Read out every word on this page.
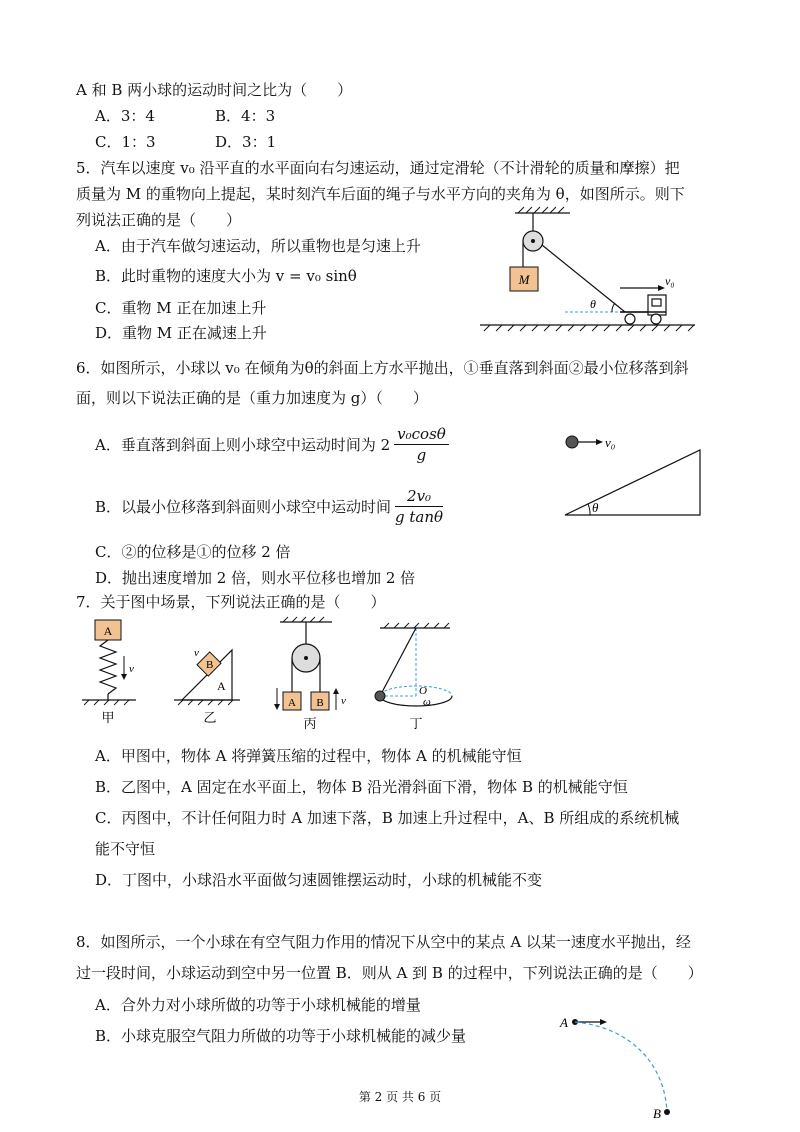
A 和 B 两小球的运动时间之比为（　　）
A．3：4	B．4：3
C．1：3	D．3：1
5．汽车以速度 v₀ 沿平直的水平面向右匀速运动，通过定滑轮（不计滑轮的质量和摩擦）把
质量为 M 的重物向上提起，某时刻汽车后面的绳子与水平方向的夹角为 θ，如图所示。则下
列说法正确的是（　　）
A．由于汽车做匀速运动，所以重物也是匀速上升
B．此时重物的速度大小为 v = v₀ sinθ
C．重物 M 正在加速上升
D．重物 M 正在减速上升
M
θ
v₀
6．如图所示，小球以 v₀ 在倾角为θ的斜面上方水平抛出，①垂直落到斜面②最小位移落到斜
面，则以下说法正确的是（重力加速度为 g）（　　）
A．垂直落到斜面上则小球空中运动时间为 $2 \frac{\text{v₀cosθ}}{g}$
B．以最小位移落到斜面则小球空中运动时间 $\frac{\text{2v₀}}{\text{g tanθ}}$
C．②的位移是①的位移 2 倍
D．抛出速度增加 2 倍，则水平位移也增加 2 倍
v₀
θ
7．关于图中场景，下列说法正确的是（　　）
A
v
甲
A
B
v
乙
A B v
丙
O
ω
丁
A．甲图中，物体 A 将弹簧压缩的过程中，物体 A 的机械能守恒
B．乙图中，A 固定在水平面上，物体 B 沿光滑斜面下滑，物体 B 的机械能守恒
C．丙图中，不计任何阻力时 A 加速下落，B 加速上升过程中，A、B 所组成的系统机械
能不守恒
D．丁图中，小球沿水平面做匀速圆锥摆运动时，小球的机械能不变
8．如图所示，一个小球在有空气阻力作用的情况下从空中的某点 A 以某一速度水平抛出，经
过一段时间，小球运动到空中另一位置 B．则从 A 到 B 的过程中，下列说法正确的是（　　）
A．合外力对小球所做的功等于小球机械能的增量
B．小球克服空气阻力所做的功等于小球机械能的减少量
A
B
第 2 页 共 6 页
